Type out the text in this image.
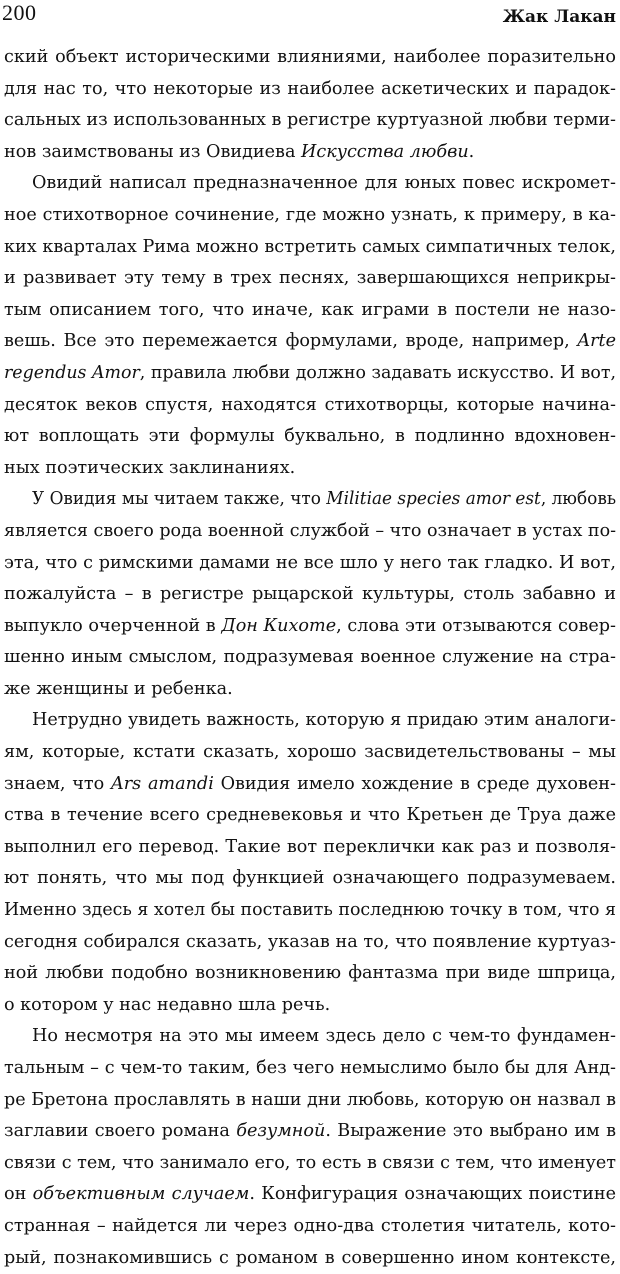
200	Жак Лакан
ский объект историческими влияниями, наиболее поразительно
для нас то, что некоторые из наиболее аскетических и парадок-
сальных из использованных в регистре куртуазной любви терми-
нов заимствованы из Овидиева Искусства любви.
Овидий написал предназначенное для юных повес искромет-
ное стихотворное сочинение, где можно узнать, к примеру, в ка-
ких кварталах Рима можно встретить самых симпатичных телок,
и развивает эту тему в трех песнях, завершающихся неприкры-
тым описанием того, что иначе, как играми в постели не назо-
вешь. Все это перемежается формулами, вроде, например, Arte
regendus Amor, правила любви должно задавать искусство. И вот,
десяток веков спустя, находятся стихотворцы, которые начина-
ют воплощать эти формулы буквально, в подлинно вдохновен-
ных поэтических заклинаниях.
У Овидия мы читаем также, что Militiae species amor est, любовь
является своего рода военной службой – что означает в устах по-
эта, что с римскими дамами не все шло у него так гладко. И вот,
пожалуйста – в регистре рыцарской культуры, столь забавно и
выпукло очерченной в Дон Кихоте, слова эти отзываются совер-
шенно иным смыслом, подразумевая военное служение на стра-
же женщины и ребенка.
Нетрудно увидеть важность, которую я придаю этим аналоги-
ям, которые, кстати сказать, хорошо засвидетельствованы – мы
знаем, что Ars amandi Овидия имело хождение в среде духовен-
ства в течение всего средневековья и что Кретьен де Труа даже
выполнил его перевод. Такие вот переклички как раз и позволя-
ют понять, что мы под функцией означающего подразумеваем.
Именно здесь я хотел бы поставить последнюю точку в том, что я
сегодня собирался сказать, указав на то, что появление куртуаз-
ной любви подобно возникновению фантазма при виде шприца,
о котором у нас недавно шла речь.
Но несмотря на это мы имеем здесь дело с чем-то фундамен-
тальным – с чем-то таким, без чего немыслимо было бы для Анд-
ре Бретона прославлять в наши дни любовь, которую он назвал в
заглавии своего романа безумной. Выражение это выбрано им в
связи с тем, что занимало его, то есть в связи с тем, что именует
он объективным случаем. Конфигурация означающих поистине
странная – найдется ли через одно-два столетия читатель, кото-
рый, познакомившись с романом в совершенно ином контексте,
